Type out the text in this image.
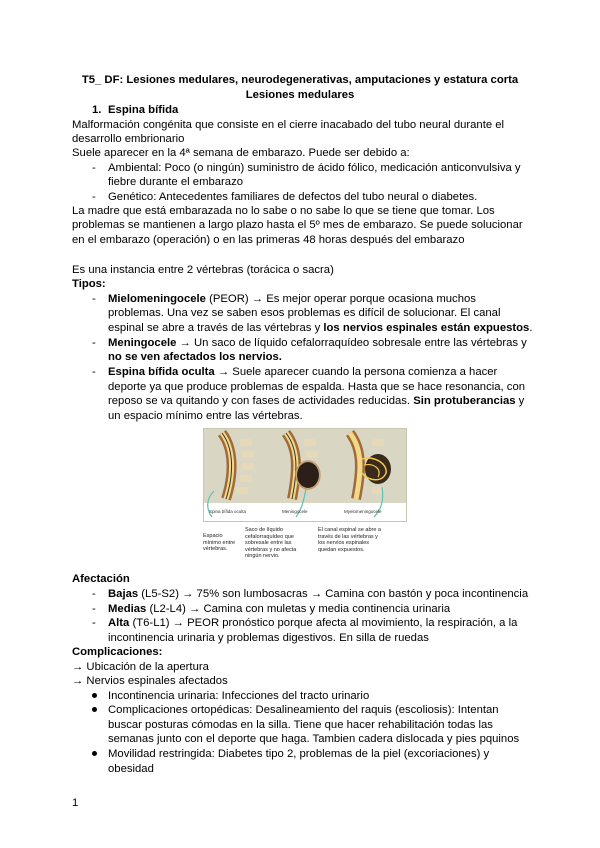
T5_ DF: Lesiones medulares, neurodegenerativas, amputaciones y estatura corta
Lesiones medulares
1. Espina bífida
Malformación congénita que consiste en el cierre inacabado del tubo neural durante el
desarrollo embrionario
Suele aparecer en la 4ª semana de embarazo. Puede ser debido a:
- Ambiental: Poco (o ningún) suministro de ácido fólico, medicación anticonvulsiva y
fiebre durante el embarazo
- Genético: Antecedentes familiares de defectos del tubo neural o diabetes.
La madre que está embarazada no lo sabe o no sabe lo que se tiene que tomar. Los
problemas se mantienen a largo plazo hasta el 5º mes de embarazo. Se puede solucionar
en el embarazo (operación) o en las primeras 48 horas después del embarazo
Es una instancia entre 2 vértebras (torácica o sacra)
Tipos:
- Mielomeningocele (PEOR) → Es mejor operar porque ocasiona muchos
problemas. Una vez se saben esos problemas es difícil de solucionar. El canal
espinal se abre a través de las vértebras y los nervios espinales están expuestos.
- Meningocele → Un saco de líquido cefalorraquídeo sobresale entre las vértebras y
no se ven afectados los nervios.
- Espina bífida oculta → Suele aparecer cuando la persona comienza a hacer
deporte ya que produce problemas de espalda. Hasta que se hace resonancia, con
reposo se va quitando y con fases de actividades reducidas. Sin protuberancias y
un espacio mínimo entre las vértebras.
Spina bífida oculta	Meningocele	Myelomeningocele
Espacio
mínimo entre
vértebras.
Saco de líquido
cefalorraquídeo que
sobresale entre las
vértebras y no afecta
ningún nervio.
El canal espinal se abre a
través de las vértebras y
los nervios espinales
quedan expuestos.
Afectación
- Bajas (L5-S2) → 75% son lumbosacras → Camina con bastón y poca incontinencia
- Medias (L2-L4) → Camina con muletas y media continencia urinaria
- Alta (T6-L1) → PEOR pronóstico porque afecta al movimiento, la respiración, a la
incontinencia urinaria y problemas digestivos. En silla de ruedas
Complicaciones:
→ Ubicación de la apertura
→ Nervios espinales afectados
Incontinencia urinaria: Infecciones del tracto urinario
Complicaciones ortopédicas: Desalineamiento del raquis (escoliosis): Intentan
buscar posturas cómodas en la silla. Tiene que hacer rehabilitación todas las
semanas junto con el deporte que haga. Tambien cadera dislocada y pies pquinos
Movilidad restringida: Diabetes tipo 2, problemas de la piel (excoriaciones) y
obesidad
1
